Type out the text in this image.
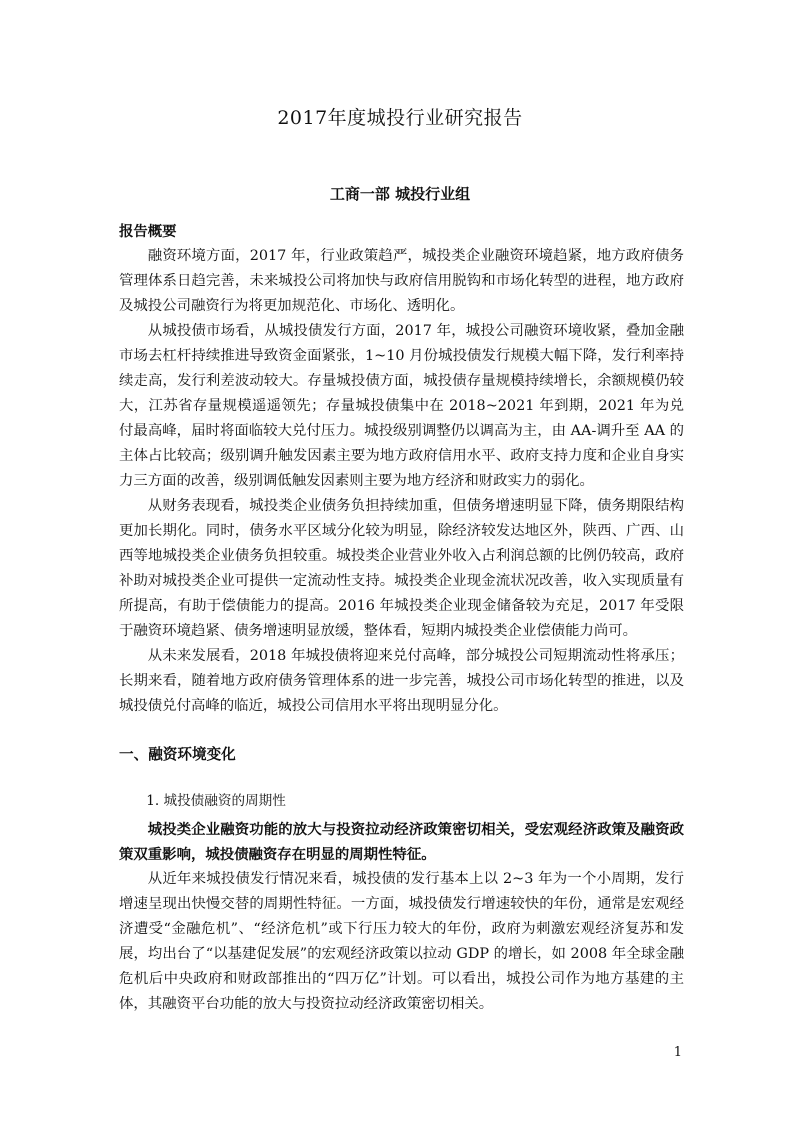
2017年度城投行业研究报告
工商一部 城投行业组

报告概要

融资环境方面，2017 年，行业政策趋严，城投类企业融资环境趋紧，地方政府债务管理体系日趋完善，未来城投公司将加快与政府信用脱钩和市场化转型的进程，地方政府及城投公司融资行为将更加规范化、市场化、透明化。

从城投债市场看，从城投债发行方面，2017 年，城投公司融资环境收紧，叠加金融市场去杠杆持续推进导致资金面紧张，1~10 月份城投债发行规模大幅下降，发行利率持续走高，发行利差波动较大。存量城投债方面，城投债存量规模持续增长，余额规模仍较大，江苏省存量规模遥遥领先；存量城投债集中在 2018~2021 年到期，2021 年为兑付最高峰，届时将面临较大兑付压力。城投级别调整仍以调高为主，由 AA-调升至 AA 的主体占比较高；级别调升触发因素主要为地方政府信用水平、政府支持力度和企业自身实力三方面的改善，级别调低触发因素则主要为地方经济和财政实力的弱化。

从财务表现看，城投类企业债务负担持续加重，但债务增速明显下降，债务期限结构更加长期化。同时，债务水平区域分化较为明显，除经济较发达地区外，陕西、广西、山西等地城投类企业债务负担较重。城投类企业营业外收入占利润总额的比例仍较高，政府补助对城投类企业可提供一定流动性支持。城投类企业现金流状况改善，收入实现质量有所提高，有助于偿债能力的提高。2016 年城投类企业现金储备较为充足，2017 年受限于融资环境趋紧、债务增速明显放缓，整体看，短期内城投类企业偿债能力尚可。

从未来发展看，2018 年城投债将迎来兑付高峰，部分城投公司短期流动性将承压；长期来看，随着地方政府债务管理体系的进一步完善，城投公司市场化转型的推进，以及城投债兑付高峰的临近，城投公司信用水平将出现明显分化。

一、融资环境变化

1. 城投债融资的周期性

城投类企业融资功能的放大与投资拉动经济政策密切相关，受宏观经济政策及融资政策双重影响，城投债融资存在明显的周期性特征。

从近年来城投债发行情况来看，城投债的发行基本上以 2~3 年为一个小周期，发行增速呈现出快慢交替的周期性特征。一方面，城投债发行增速较快的年份，通常是宏观经济遭受“金融危机”、“经济危机”或下行压力较大的年份，政府为刺激宏观经济复苏和发展，均出台了“以基建促发展”的宏观经济政策以拉动 GDP 的增长，如 2008 年全球金融危机后中央政府和财政部推出的“四万亿”计划。可以看出，城投公司作为地方基建的主体，其融资平台功能的放大与投资拉动经济政策密切相关。

1
